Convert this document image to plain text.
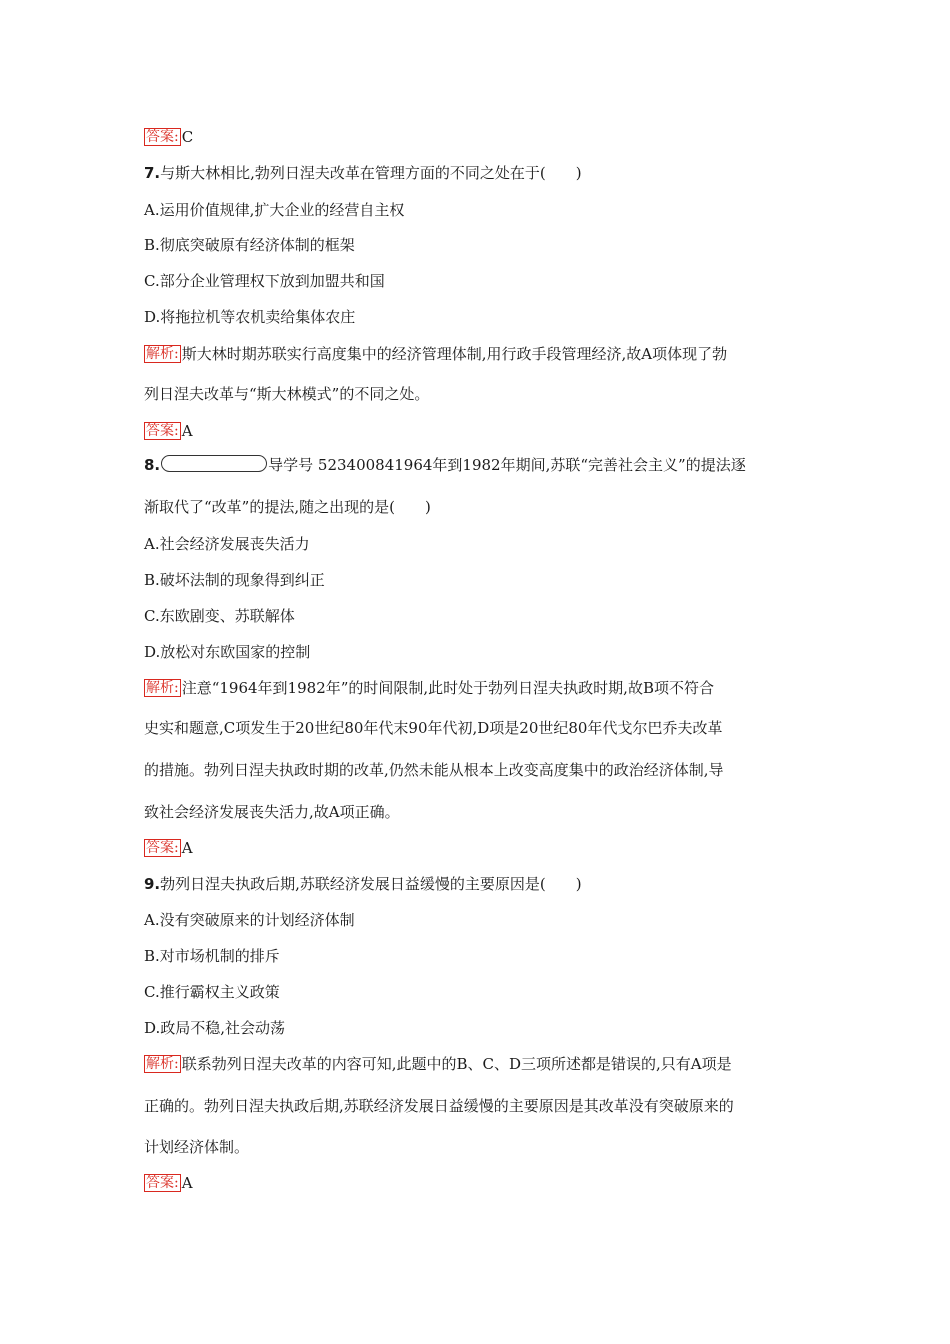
答案: C
7.与斯大林相比,勃列日涅夫改革在管理方面的不同之处在于(　　)
A.运用价值规律,扩大企业的经营自主权
B.彻底突破原有经济体制的框架
C.部分企业管理权下放到加盟共和国
D.将拖拉机等农机卖给集体农庄
解析: 斯大林时期苏联实行高度集中的经济管理体制,用行政手段管理经济,故A项体现了勃
列日涅夫改革与“斯大林模式”的不同之处。
答案: A
8.	导学号 523400841964年到1982年期间,苏联“完善社会主义”的提法逐
渐取代了“改革”的提法,随之出现的是(　　)
A.社会经济发展丧失活力
B.破坏法制的现象得到纠正
C.东欧剧变、苏联解体
D.放松对东欧国家的控制
解析: 注意“1964年到1982年”的时间限制,此时处于勃列日涅夫执政时期,故B项不符合
史实和题意,C项发生于20世纪80年代末90年代初,D项是20世纪80年代戈尔巴乔夫改革
的措施。勃列日涅夫执政时期的改革,仍然未能从根本上改变高度集中的政治经济体制,导
致社会经济发展丧失活力,故A项正确。
答案: A
9.勃列日涅夫执政后期,苏联经济发展日益缓慢的主要原因是(　　)
A.没有突破原来的计划经济体制
B.对市场机制的排斥
C.推行霸权主义政策
D.政局不稳,社会动荡
解析: 联系勃列日涅夫改革的内容可知,此题中的B、C、D三项所述都是错误的,只有A项是
正确的。勃列日涅夫执政后期,苏联经济发展日益缓慢的主要原因是其改革没有突破原来的
计划经济体制。
答案: A
